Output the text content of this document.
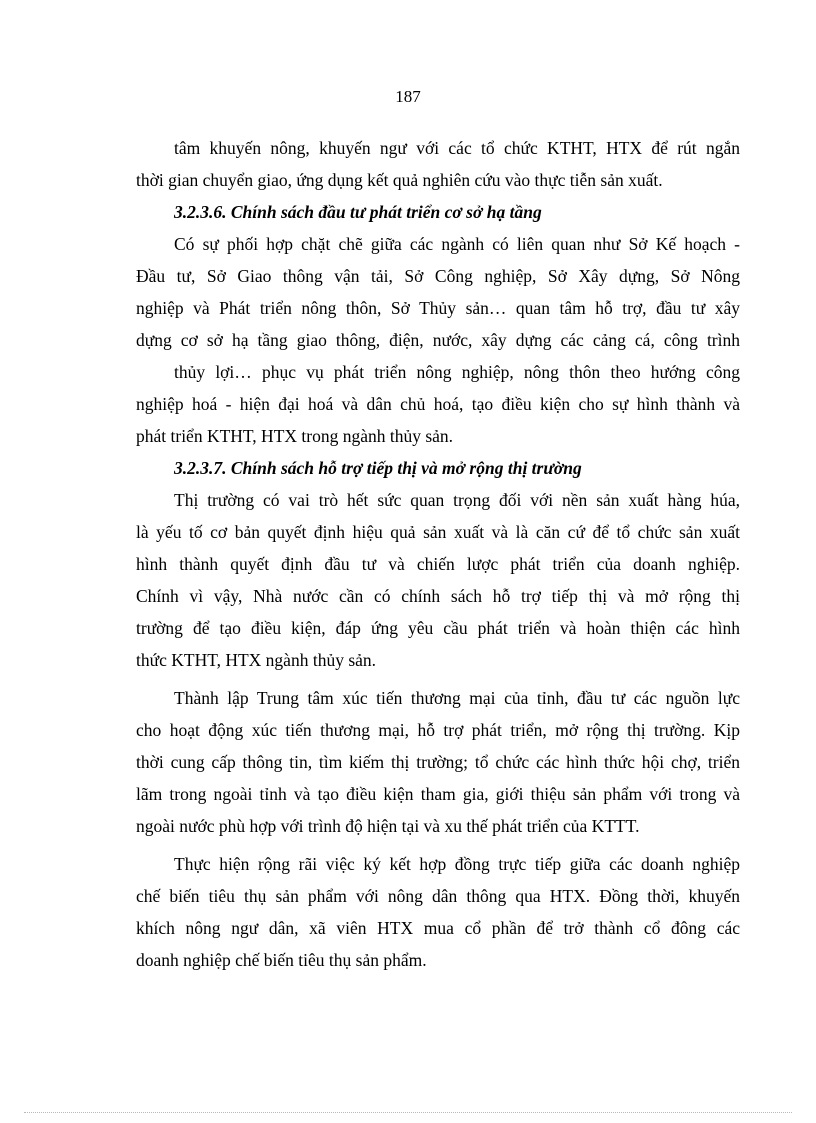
187
tâm khuyến nông, khuyến ngư với các tổ chức KTHT, HTX để rút ngắn
thời gian chuyển giao, ứng dụng kết quả nghiên cứu vào thực tiễn sản xuất.
3.2.3.6. Chính sách đầu tư phát triển cơ sở hạ tầng
Có sự phối hợp chặt chẽ giữa các ngành có liên quan như Sở Kế hoạch -
Đầu tư, Sở Giao thông vận tải, Sở Công nghiệp, Sở Xây dựng, Sở Nông
nghiệp và Phát triển nông thôn, Sở Thủy sản… quan tâm hỗ trợ, đầu tư xây
dựng cơ sở hạ tầng giao thông, điện, nước, xây dựng các cảng cá, công trình
thủy lợi… phục vụ phát triển nông nghiệp, nông thôn theo hướng công
nghiệp hoá - hiện đại hoá và dân chủ hoá, tạo điều kiện cho sự hình thành và
phát triển KTHT, HTX trong ngành thủy sản.
3.2.3.7. Chính sách hỗ trợ tiếp thị và mở rộng thị trường
Thị trường có vai trò hết sức quan trọng đối với nền sản xuất hàng húa,
là yếu tố cơ bản quyết định hiệu quả sản xuất và là căn cứ để tổ chức sản xuất
hình thành quyết định đầu tư và chiến lược phát triển của doanh nghiệp.
Chính vì vậy, Nhà nước cần có chính sách hỗ trợ tiếp thị và mở rộng thị
trường để tạo điều kiện, đáp ứng yêu cầu phát triển và hoàn thiện các hình
thức KTHT, HTX ngành thủy sản.
Thành lập Trung tâm xúc tiến thương mại của tỉnh, đầu tư các nguồn lực
cho hoạt động xúc tiến thương mại, hỗ trợ phát triển, mở rộng thị trường. Kịp
thời cung cấp thông tin, tìm kiếm thị trường; tổ chức các hình thức hội chợ, triển
lãm trong ngoài tỉnh và tạo điều kiện tham gia, giới thiệu sản phẩm với trong và
ngoài nước phù hợp với trình độ hiện tại và xu thế phát triển của KTTT.
Thực hiện rộng rãi việc ký kết hợp đồng trực tiếp giữa các doanh nghiệp
chế biến tiêu thụ sản phẩm với nông dân thông qua HTX. Đồng thời, khuyến
khích nông ngư dân, xã viên HTX mua cổ phần để trở thành cổ đông các
doanh nghiệp chế biến tiêu thụ sản phẩm.
